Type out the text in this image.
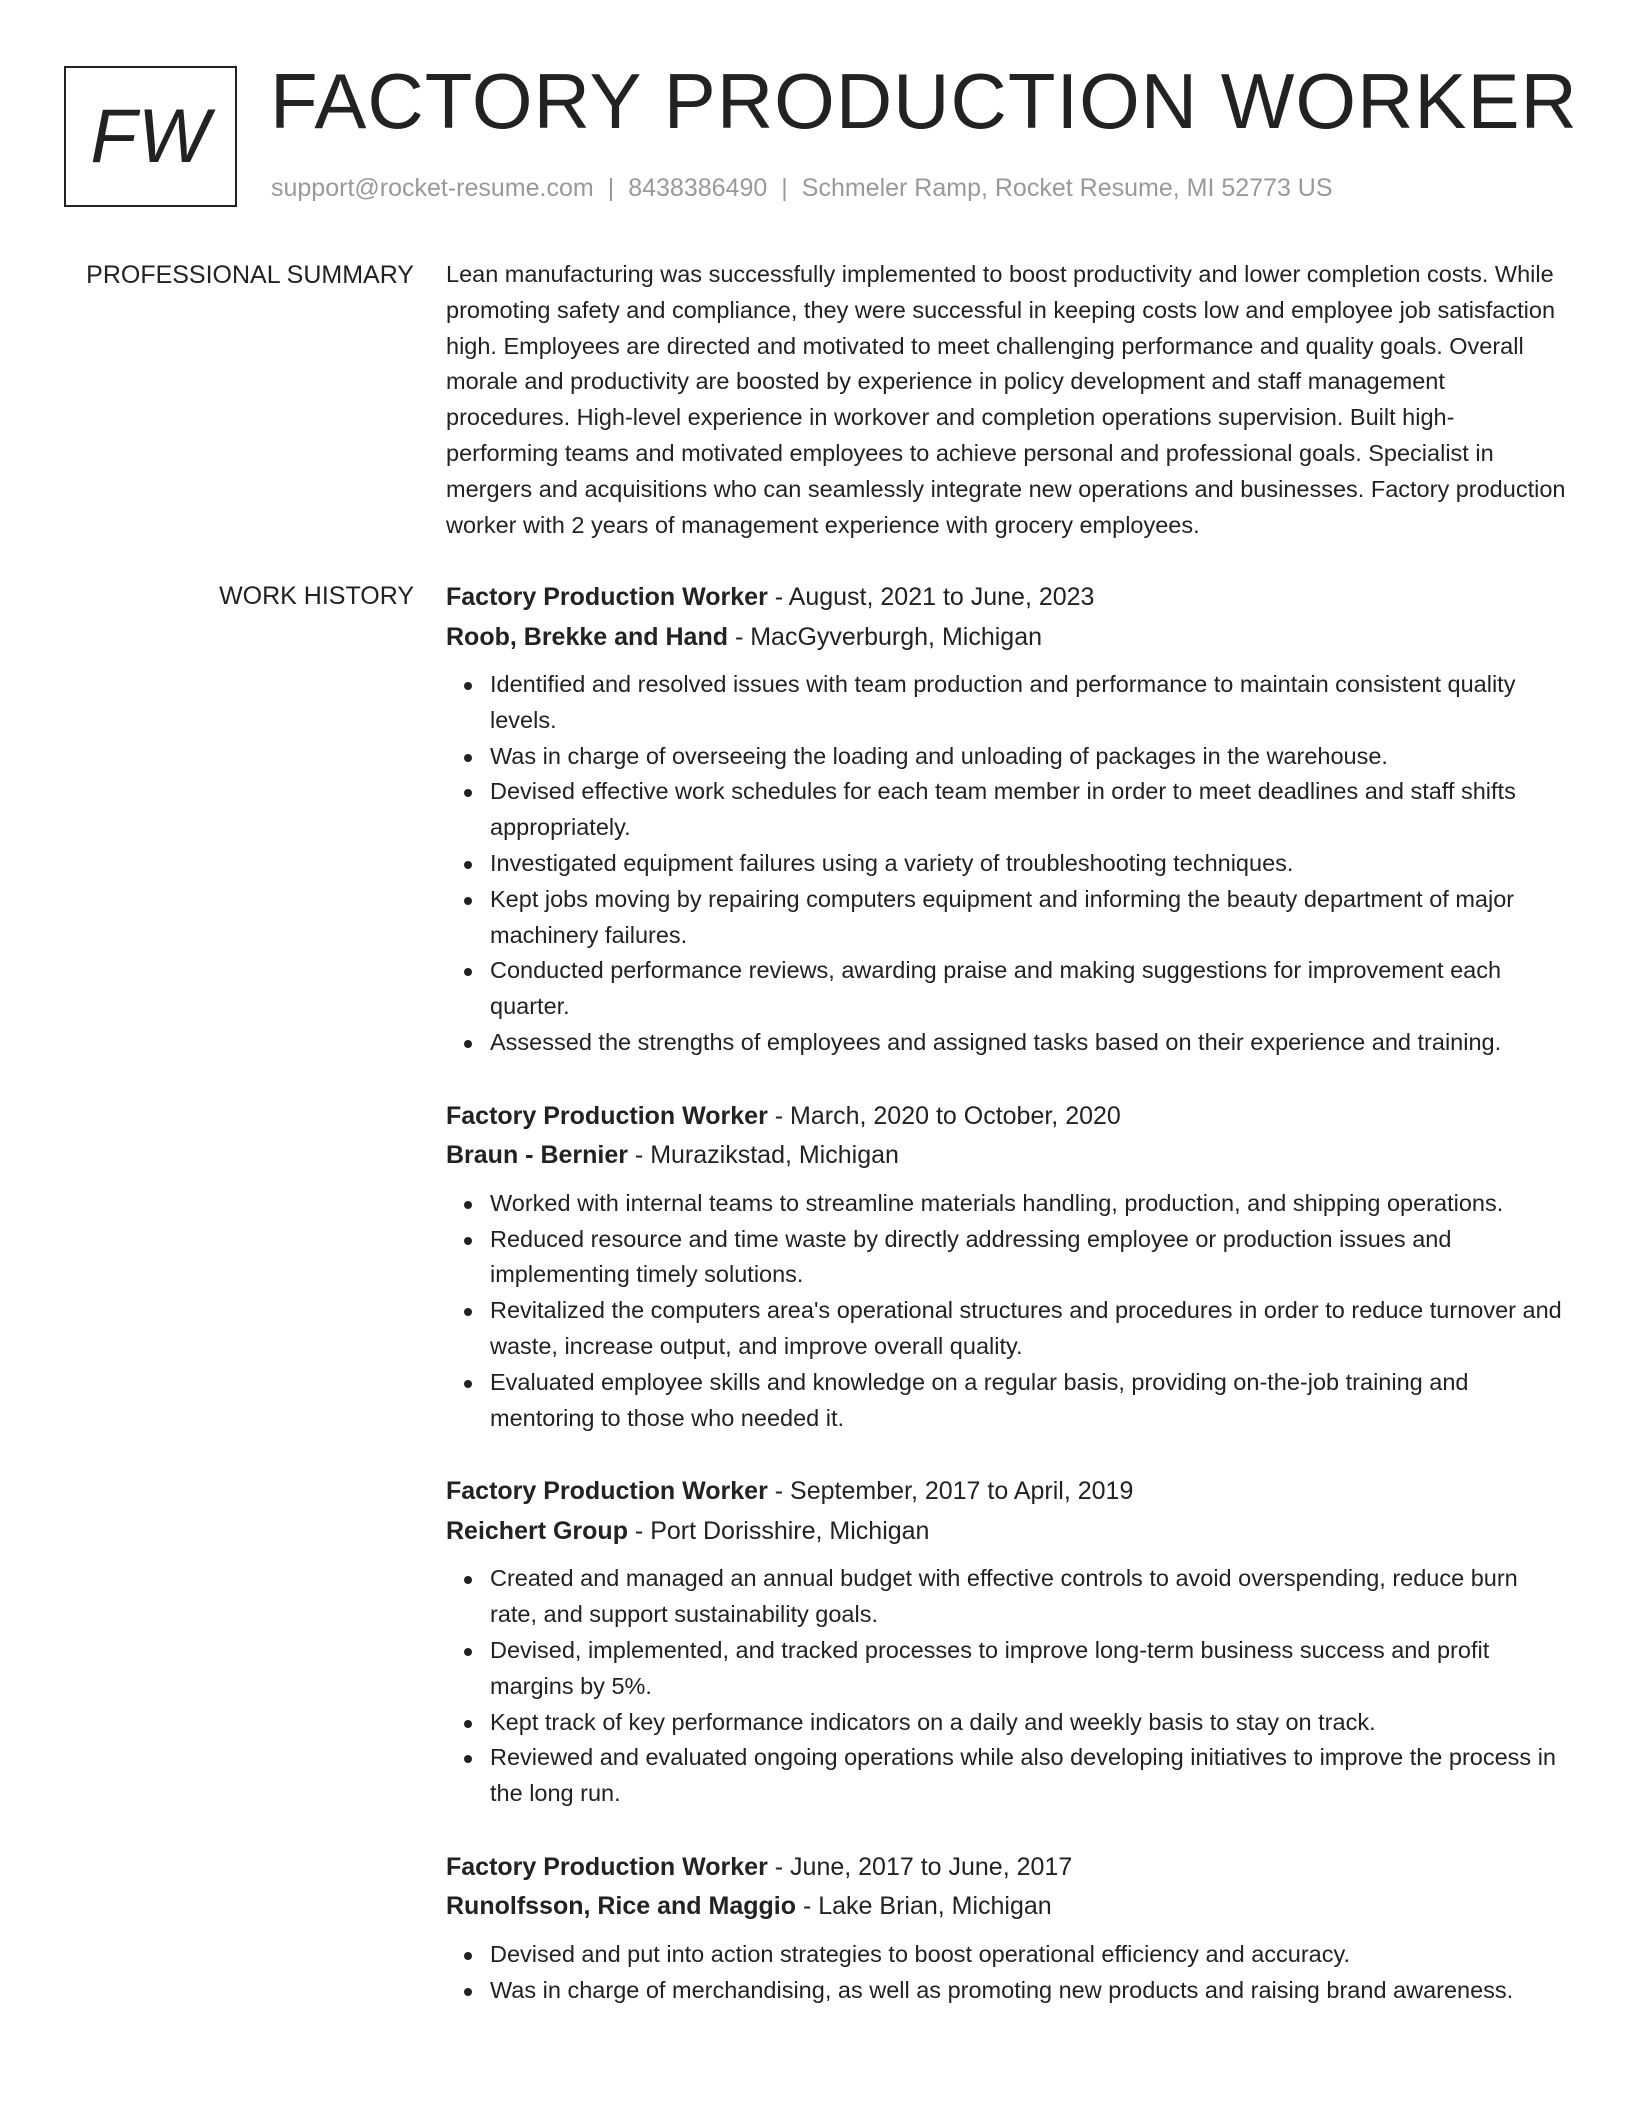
FW FACTORY PRODUCTION WORKER
support@rocket-resume.com | 8438386490 | Schmeler Ramp, Rocket Resume, MI 52773 US
PROFESSIONAL SUMMARY Lean manufacturing was successfully implemented to boost productivity and lower completion costs. While promoting safety and compliance, they were successful in keeping costs low and employee job satisfaction high. Employees are directed and motivated to meet challenging performance and quality goals. Overall morale and productivity are boosted by experience in policy development and staff management procedures. High-level experience in workover and completion operations supervision. Built high-performing teams and motivated employees to achieve personal and professional goals. Specialist in mergers and acquisitions who can seamlessly integrate new operations and businesses. Factory production worker with 2 years of management experience with grocery employees.

WORK HISTORY Factory Production Worker - August, 2021 to June, 2023
Roob, Brekke and Hand - MacGyverburgh, Michigan
Identified and resolved issues with team production and performance to maintain consistent quality levels.
Was in charge of overseeing the loading and unloading of packages in the warehouse.
Devised effective work schedules for each team member in order to meet deadlines and staff shifts appropriately.
Investigated equipment failures using a variety of troubleshooting techniques.
Kept jobs moving by repairing computers equipment and informing the beauty department of major machinery failures.
Conducted performance reviews, awarding praise and making suggestions for improvement each quarter.
Assessed the strengths of employees and assigned tasks based on their experience and training.
Factory Production Worker - March, 2020 to October, 2020
Braun - Bernier - Murazikstad, Michigan
Worked with internal teams to streamline materials handling, production, and shipping operations.
Reduced resource and time waste by directly addressing employee or production issues and implementing timely solutions.
Revitalized the computers area's operational structures and procedures in order to reduce turnover and waste, increase output, and improve overall quality.
Evaluated employee skills and knowledge on a regular basis, providing on-the-job training and mentoring to those who needed it.
Factory Production Worker - September, 2017 to April, 2019
Reichert Group - Port Dorisshire, Michigan
Created and managed an annual budget with effective controls to avoid overspending, reduce burn rate, and support sustainability goals.
Devised, implemented, and tracked processes to improve long-term business success and profit margins by 5%.
Kept track of key performance indicators on a daily and weekly basis to stay on track.
Reviewed and evaluated ongoing operations while also developing initiatives to improve the process in the long run.
Factory Production Worker - June, 2017 to June, 2017
Runolfsson, Rice and Maggio - Lake Brian, Michigan
Devised and put into action strategies to boost operational efficiency and accuracy.
Was in charge of merchandising, as well as promoting new products and raising brand awareness.
